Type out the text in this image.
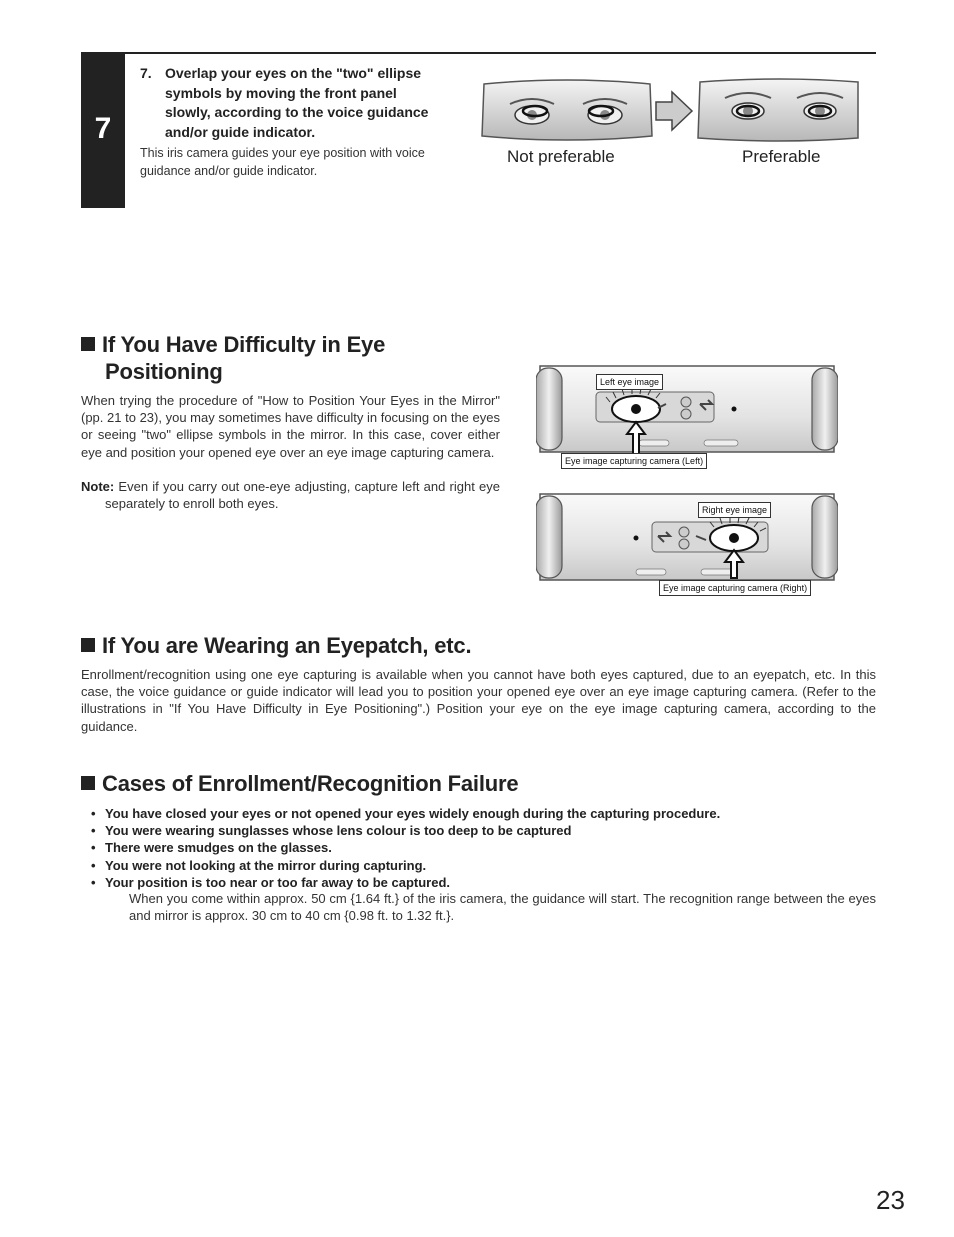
7
7. Overlap your eyes on the "two" ellipse symbols by moving the front panel slowly, according to the voice guidance and/or guide indicator.
This iris camera guides your eye position with voice guidance and/or guide indicator.
Not preferable	Preferable
If You Have Difficulty in Eye
Positioning
When trying the procedure of "How to Position Your Eyes in the Mirror" (pp. 21 to 23), you may sometimes have difficulty in focusing on the eyes or seeing "two" ellipse symbols in the mirror. In this case, cover either eye and position your opened eye over an eye image capturing camera.
Note: Even if you carry out one-eye adjusting, capture left and right eye separately to enroll both eyes.
Left eye image
Eye image capturing camera (Left)
Right eye image
Eye image capturing camera (Right)
If You are Wearing an Eyepatch, etc.
Enrollment/recognition using one eye capturing is available when you cannot have both eyes captured, due to an eyepatch, etc. In this case, the voice guidance or guide indicator will lead you to position your opened eye over an eye image capturing camera. (Refer to the illustrations in "If You Have Difficulty in Eye Positioning".) Position your eye on the eye image capturing camera, according to the guidance.
Cases of Enrollment/Recognition Failure
• You have closed your eyes or not opened your eyes widely enough during the capturing procedure.
• You were wearing sunglasses whose lens colour is too deep to be captured
• There were smudges on the glasses.
• You were not looking at the mirror during capturing.
• Your position is too near or too far away to be captured.
When you come within approx. 50 cm {1.64 ft.} of the iris camera, the guidance will start. The recognition range between the eyes and mirror is approx. 30 cm to 40 cm {0.98 ft. to 1.32 ft.}.
23
